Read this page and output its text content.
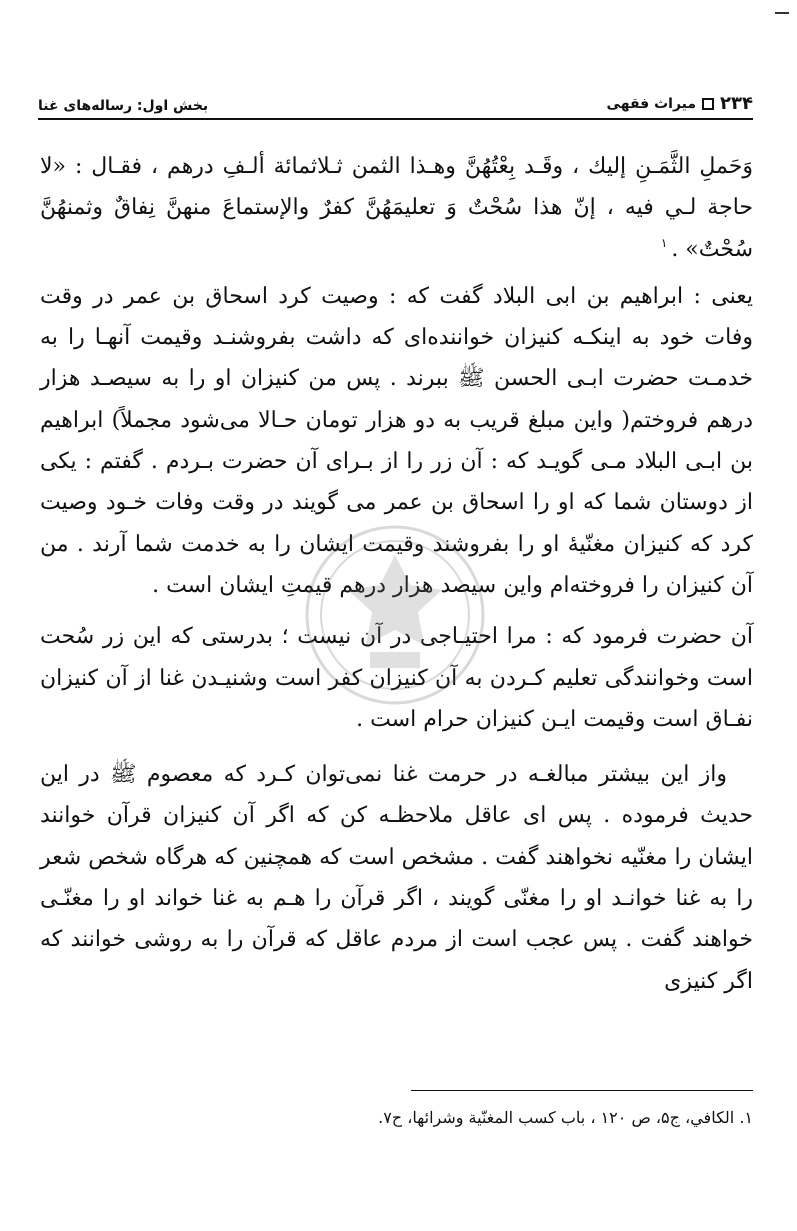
۲۳۴
میراث فقهی
بخش اول: رساله‌های غنا

وَحَملِ الثَّمَـنِ إليك ، وقَـد بِعْتُهُنَّ وهـذا الثمن ثـلاثمائة ألـفِ درهم ، فقـال : «لا حاجة لـي فيه ، إنّ هذا سُحْتٌ وَ تعليمَهُنَّ كفرٌ والإستماعَ منهنَّ نِفاقٌ وثمنهُنَّ سُحْتٌ» .$^۱$

یعنی : ابراهیم بن ابی البلاد گفت که : وصیت کرد اسحاق بن عمر در وقت وفات خود به اینکـه کنیزان خواننده‌ای که داشت بفروشنـد وقیمت آنهـا را به خدمـت حضرت ابـی الحسن ﷺ ببرند . پس من کنیزان او را به سیصـد هزار درهم فروختم( واین مبلغ قریب به دو هزار تومان حـالا می‌شود مجملاً) ابراهیم بن ابـی البلاد مـی گویـد که : آن زر را از بـرای آن حضرت بـردم . گفتم : یکی از دوستان شما که او را اسحاق بن عمر می گویند در وقت وفات خـود وصیت کرد که کنیزان مغنّیهٔ او را بفروشند وقیمت ایشان را به خدمت شما آرند . من آن کنیزان را فروخته‌ام واین سیصد هزار درهم قیمتِ ایشان است .

آن حضرت فرمود که : مرا احتیـاجی در آن نیست ؛ بدرستی که این زر سُحت است وخوانندگی تعلیم کـردن به آن کنیزان کفر است وشنیـدن غنا از آن کنیزان نفـاق است وقیمت ایـن کنیزان حرام است .

واز این بیشتر مبالغـه در حرمت غنا نمی‌توان کـرد که معصوم ﷺ در این حدیث فرموده . پس ای عاقل ملاحظـه کن که اگر آن کنیزان قرآن خوانند ایشان را مغنّیه نخواهند گفت . مشخص است که همچنین که هرگاه شخص شعر را به غنا خوانـد او را مغنّی گویند ، اگر قرآن را هـم به غنا خواند او را مغنّـی خواهند گفت . پس عجب است از مردم عاقل که قرآن را به روشی خوانند که اگر کنیزی

۱. الکافي، ج۵، ص ۱۲۰ ، باب کسب المغنّية وشرائها، ح۷.
